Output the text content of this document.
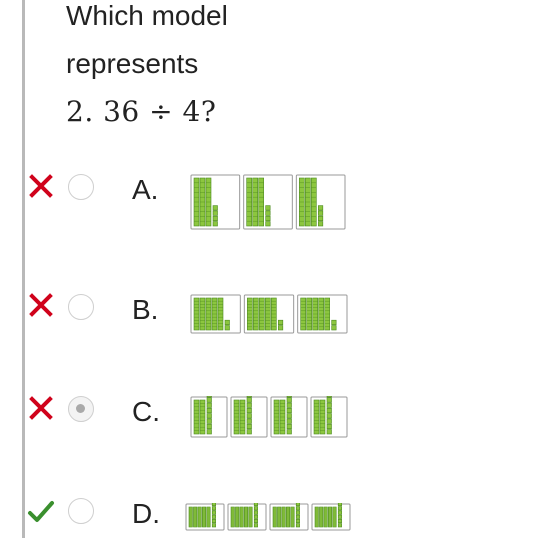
Which model
represents
2. 36 ÷ 4?
A.
B.
C.
D.
